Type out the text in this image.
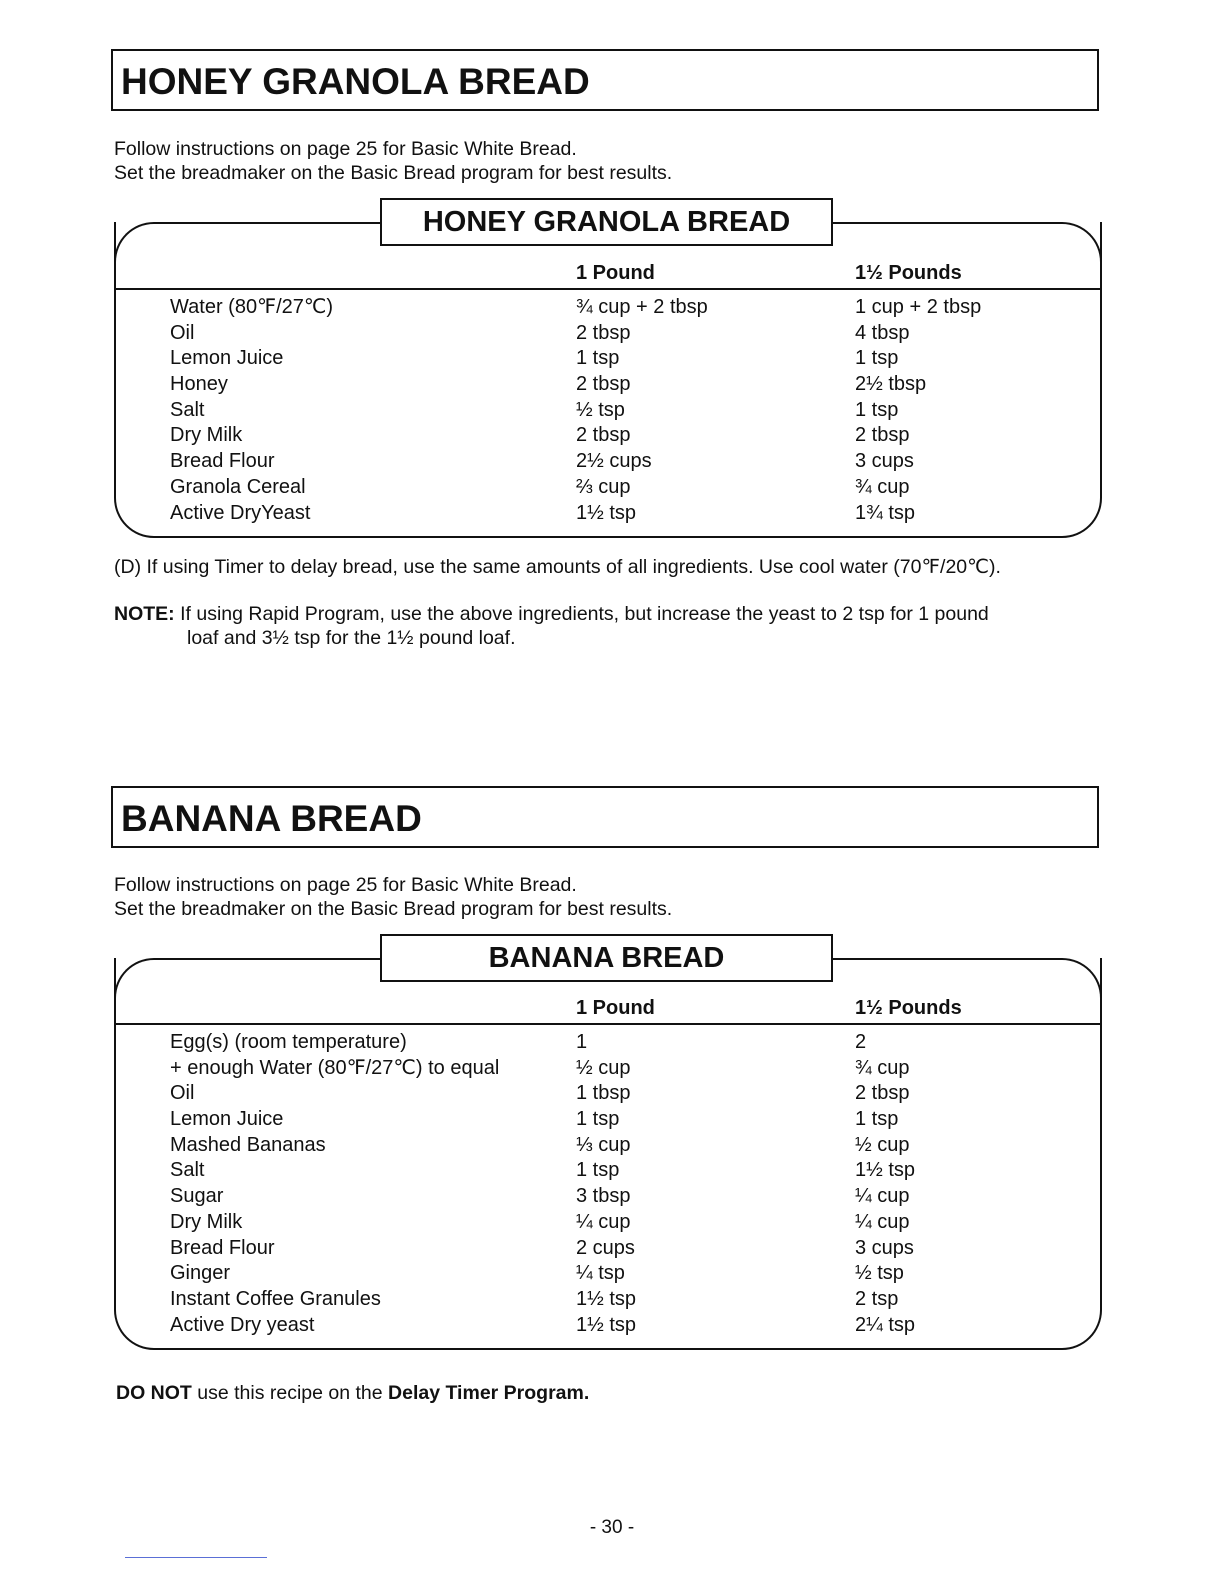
HONEY GRANOLA BREAD
Follow instructions on page 25 for Basic White Bread.
Set the breadmaker on the Basic Bread program for best results.
HONEY GRANOLA BREAD
1 Pound	1½ Pounds
Water (80℉/27℃)	¾ cup + 2 tbsp	1 cup + 2 tbsp
Oil	2 tbsp	4 tbsp
Lemon Juice	1 tsp	1 tsp
Honey	2 tbsp	2½ tbsp
Salt	½ tsp	1 tsp
Dry Milk	2 tbsp	2 tbsp
Bread Flour	2½ cups	3 cups
Granola Cereal	⅔ cup	¾ cup
Active DryYeast	1½ tsp	1¾ tsp
(D) If using Timer to delay bread, use the same amounts of all ingredients. Use cool water (70℉/20℃).
NOTE: If using Rapid Program, use the above ingredients, but increase the yeast to 2 tsp for 1 pound
loaf and 3½ tsp for the 1½ pound loaf.
BANANA BREAD
Follow instructions on page 25 for Basic White Bread.
Set the breadmaker on the Basic Bread program for best results.
BANANA BREAD
1 Pound	1½ Pounds
Egg(s) (room temperature)	1	2
+ enough Water (80℉/27℃) to equal	½ cup	¾ cup
Oil	1 tbsp	2 tbsp
Lemon Juice	1 tsp	1 tsp
Mashed Bananas	⅓ cup	½ cup
Salt	1 tsp	1½ tsp
Sugar	3 tbsp	¼ cup
Dry Milk	¼ cup	¼ cup
Bread Flour	2 cups	3 cups
Ginger	¼ tsp	½ tsp
Instant Coffee Granules	1½ tsp	2 tsp
Active Dry yeast	1½ tsp	2¼ tsp
DO NOT use this recipe on the Delay Timer Program.
- 30 -
